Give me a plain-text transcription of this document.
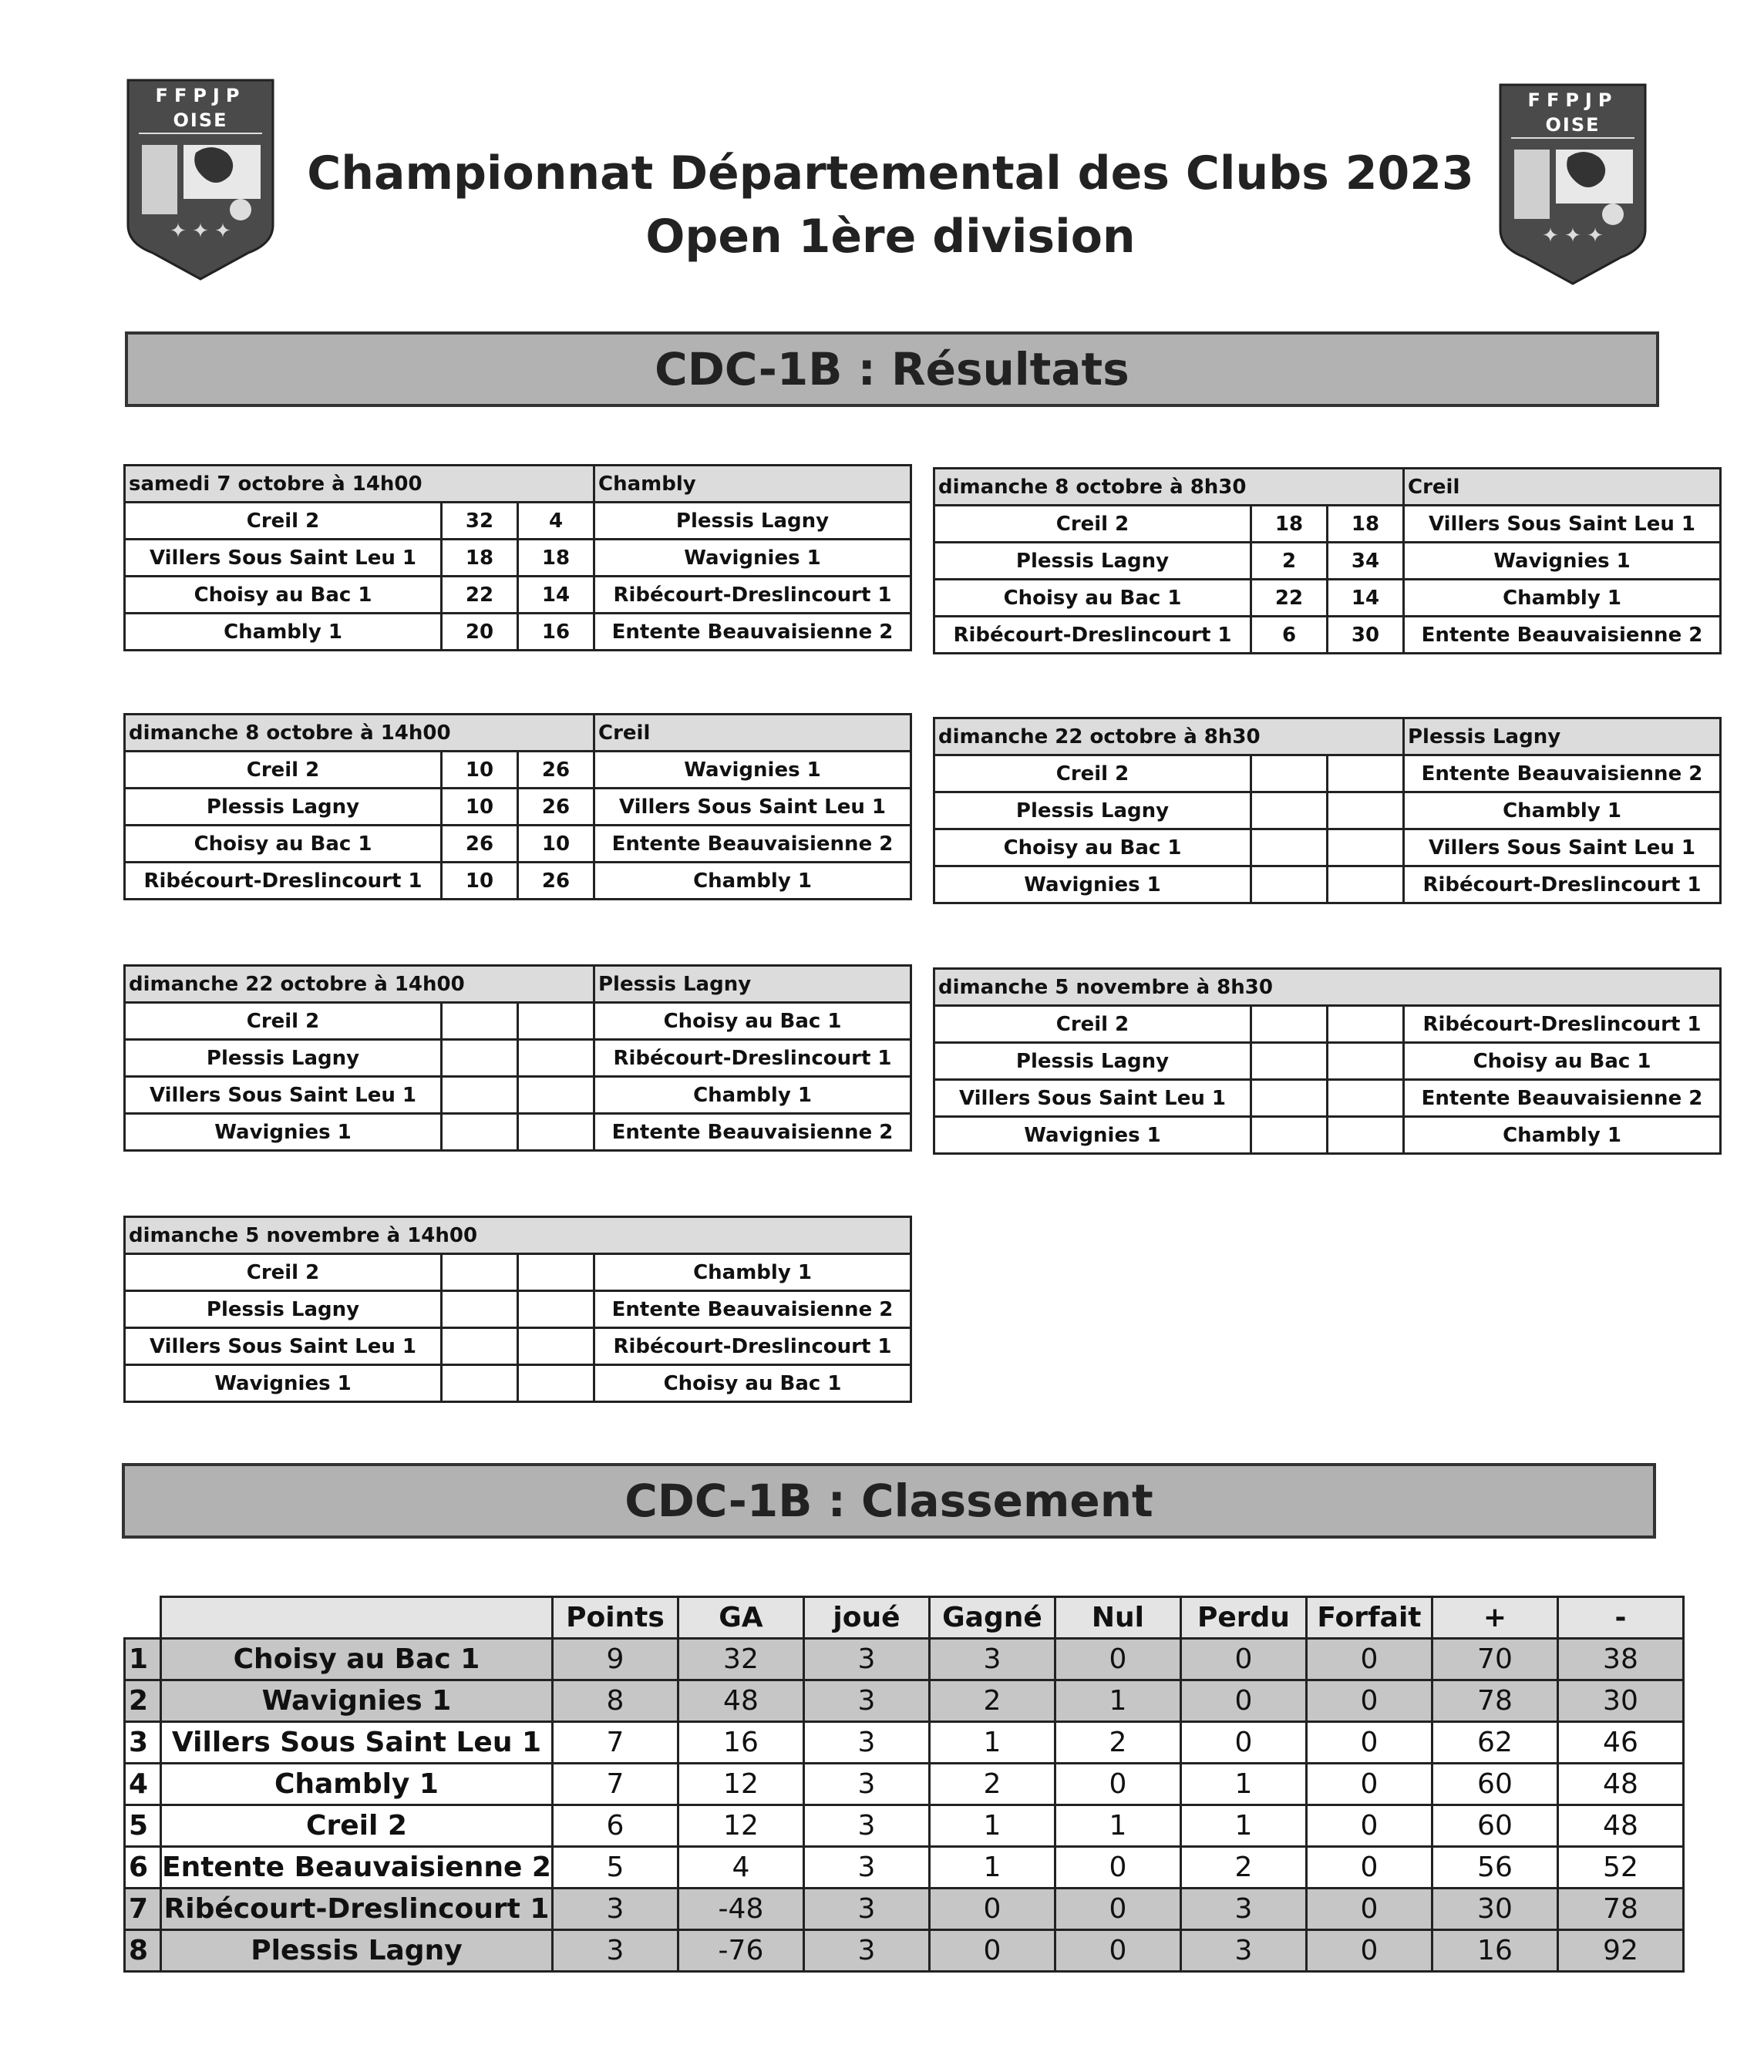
✦ ✦ ✦
FFPJP
OISE
✦ ✦ ✦
FFPJP
OISE
Championnat Départemental des Clubs 2023
Open 1ère division
CDC-1B : Résultats
samedi 7 octobre à 14h00			Chambly
Creil 2	32	4	Plessis Lagny
Villers Sous Saint Leu 1	18	18	Wavignies 1
Choisy au Bac 1	22	14	Ribécourt-Dreslincourt 1
Chambly 1	20	16	Entente Beauvaisienne 2
dimanche 8 octobre à 8h30			Creil
Creil 2	18	18	Villers Sous Saint Leu 1
Plessis Lagny	2	34	Wavignies 1
Choisy au Bac 1	22	14	Chambly 1
Ribécourt-Dreslincourt 1	6	30	Entente Beauvaisienne 2
dimanche 8 octobre à 14h00			Creil
Creil 2	10	26	Wavignies 1
Plessis Lagny	10	26	Villers Sous Saint Leu 1
Choisy au Bac 1	26	10	Entente Beauvaisienne 2
Ribécourt-Dreslincourt 1	10	26	Chambly 1
dimanche 22 octobre à 8h30			Plessis Lagny
Creil 2			Entente Beauvaisienne 2
Plessis Lagny			Chambly 1
Choisy au Bac 1			Villers Sous Saint Leu 1
Wavignies 1			Ribécourt-Dreslincourt 1
dimanche 22 octobre à 14h00			Plessis Lagny
Creil 2			Choisy au Bac 1
Plessis Lagny			Ribécourt-Dreslincourt 1
Villers Sous Saint Leu 1			Chambly 1
Wavignies 1			Entente Beauvaisienne 2
dimanche 5 novembre à 8h30			
Creil 2			Ribécourt-Dreslincourt 1
Plessis Lagny			Choisy au Bac 1
Villers Sous Saint Leu 1			Entente Beauvaisienne 2
Wavignies 1			Chambly 1
dimanche 5 novembre à 14h00			
Creil 2			Chambly 1
Plessis Lagny			Entente Beauvaisienne 2
Villers Sous Saint Leu 1			Ribécourt-Dreslincourt 1
Wavignies 1			Choisy au Bac 1
CDC-1B : Classement
		Points	GA	joué	Gagné	Nul	Perdu	Forfait	+	-
1	Choisy au Bac 1	9	32	3	3	0	0	0	70	38
2	Wavignies 1	8	48	3	2	1	0	0	78	30
3	Villers Sous Saint Leu 1	7	16	3	1	2	0	0	62	46
4	Chambly 1	7	12	3	2	0	1	0	60	48
5	Creil 2	6	12	3	1	1	1	0	60	48
6	Entente Beauvaisienne 2	5	4	3	1	0	2	0	56	52
7	Ribécourt-Dreslincourt 1	3	-48	3	0	0	3	0	30	78
8	Plessis Lagny	3	-76	3	0	0	3	0	16	92
